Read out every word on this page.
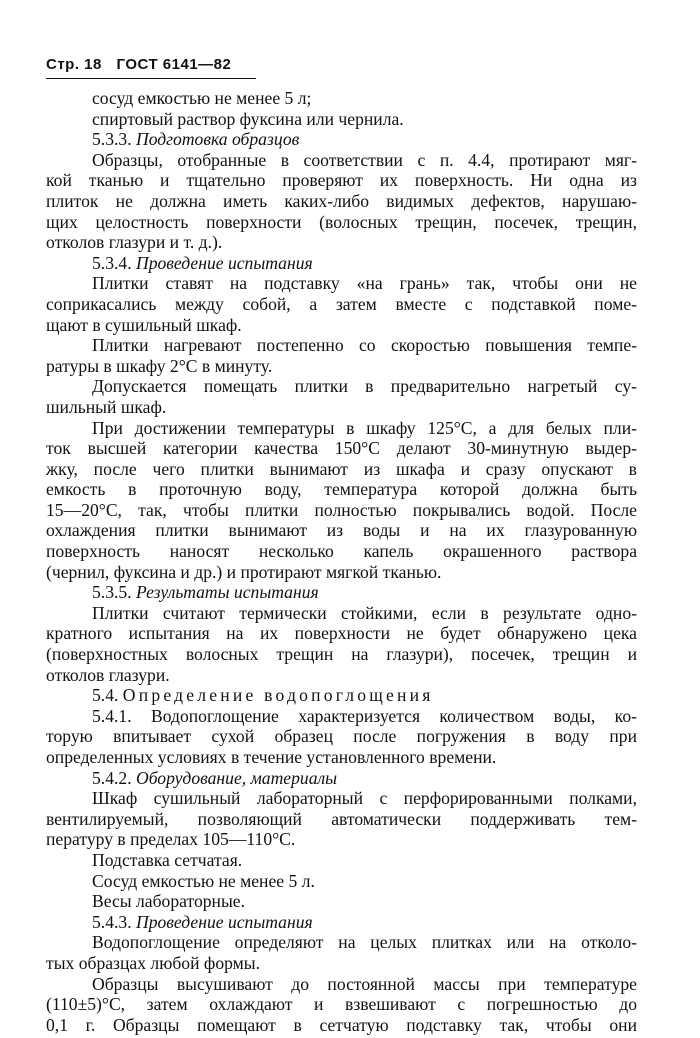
Стр. 18 ГОСТ 6141—82
сосуд емкостью не менее 5 л;
спиртовый раствор фуксина или чернила.
5.3.3. Подготовка образцов
Образцы, отобранные в соответствии с п. 4.4, протирают мяг-
кой тканью и тщательно проверяют их поверхность. Ни одна из
плиток не должна иметь каких-либо видимых дефектов, нарушаю-
щих целостность поверхности (волосных трещин, посечек, трещин,
отколов глазури и т. д.).
5.3.4. Проведение испытания
Плитки ставят на подставку «на грань» так, чтобы они не
соприкасались между собой, а затем вместе с подставкой поме-
щают в сушильный шкаф.
Плитки нагревают постепенно со скоростью повышения темпе-
ратуры в шкафу 2°С в минуту.
Допускается помещать плитки в предварительно нагретый су-
шильный шкаф.
При достижении температуры в шкафу 125°С, а для белых пли-
ток высшей категории качества 150°С делают 30-минутную выдер-
жку, после чего плитки вынимают из шкафа и сразу опускают в
емкость в проточную воду, температура которой должна быть
15—20°С, так, чтобы плитки полностью покрывались водой. После
охлаждения плитки вынимают из воды и на их глазурованную
поверхность наносят несколько капель окрашенного раствора
(чернил, фуксина и др.) и протирают мягкой тканью.
5.3.5. Результаты испытания
Плитки считают термически стойкими, если в результате одно-
кратного испытания на их поверхности не будет обнаружено цека
(поверхностных волосных трещин на глазури), посечек, трещин и
отколов глазури.
5.4. Определение водопоглощения
5.4.1. Водопоглощение характеризуется количеством воды, ко-
торую впитывает сухой образец после погружения в воду при
определенных условиях в течение установленного времени.
5.4.2. Оборудование, материалы
Шкаф сушильный лабораторный с перфорированными полками,
вентилируемый, позволяющий автоматически поддерживать тем-
пературу в пределах 105—110°С.
Подставка сетчатая.
Сосуд емкостью не менее 5 л.
Весы лабораторные.
5.4.3. Проведение испытания
Водопоглощение определяют на целых плитках или на отколо-
тых образцах любой формы.
Образцы высушивают до постоянной массы при температуре
(110±5)°С, затем охлаждают и взвешивают с погрешностью до
0,1 г. Образцы помещают в сетчатую подставку так, чтобы они
